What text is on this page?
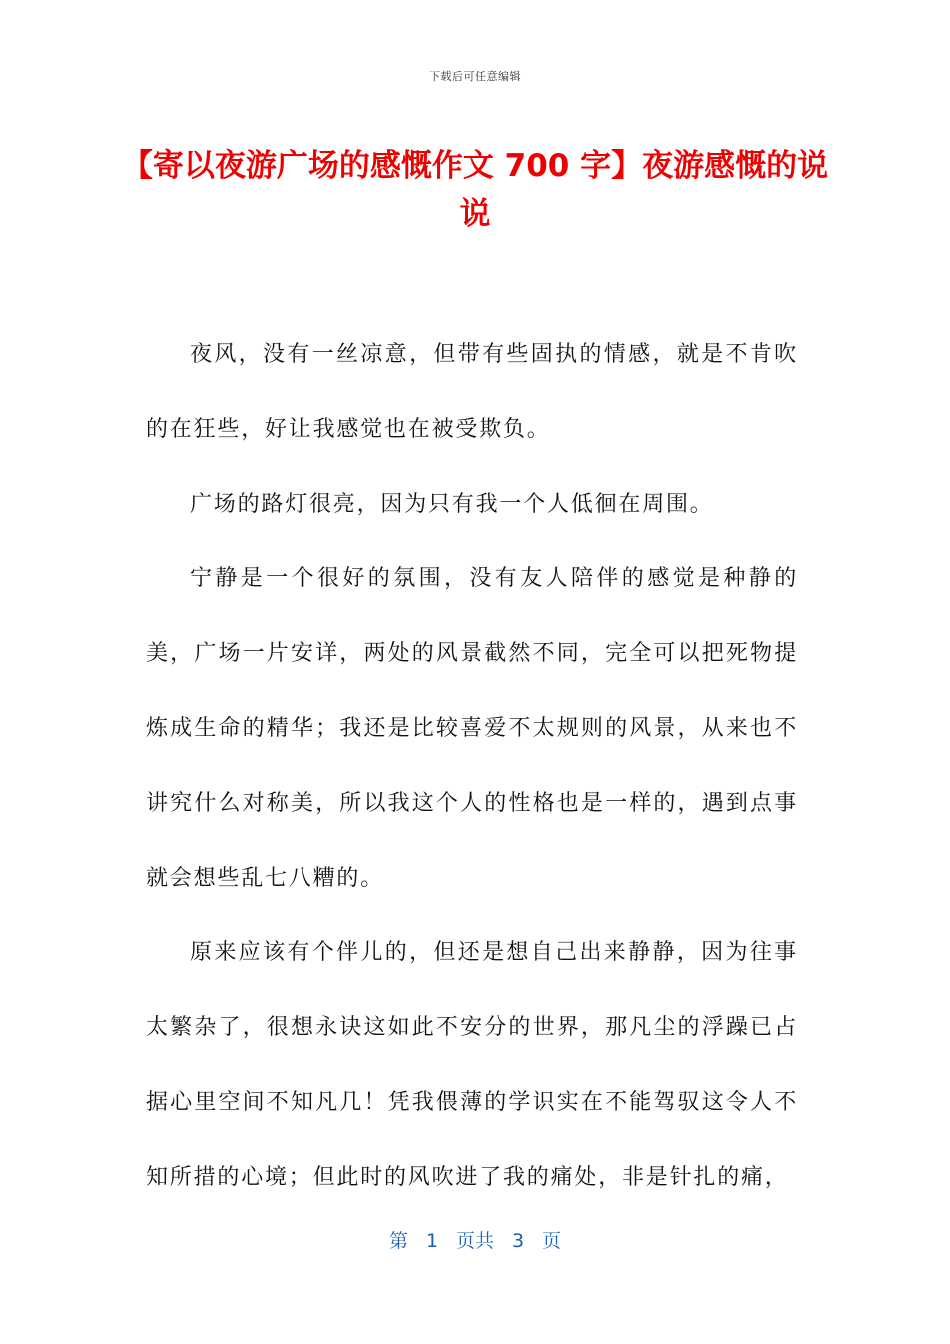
下载后可任意编辑
【寄以夜游广场的感慨作文 700 字】夜游感慨的说说

夜风，没有一丝凉意，但带有些固执的情感，就是不肯吹的在狂些，好让我感觉也在被受欺负。

广场的路灯很亮，因为只有我一个人低徊在周围。

宁静是一个很好的氛围，没有友人陪伴的感觉是种静的美，广场一片安详，两处的风景截然不同，完全可以把死物提炼成生命的精华；我还是比较喜爱不太规则的风景，从来也不讲究什么对称美，所以我这个人的性格也是一样的，遇到点事就会想些乱七八糟的。

原来应该有个伴儿的，但还是想自己出来静静，因为往事太繁杂了，很想永诀这如此不安分的世界，那凡尘的浮躁已占据心里空间不知凡几！凭我偎薄的学识实在不能驾驭这令人不知所措的心境；但此时的风吹进了我的痛处，非是针扎的痛，

第 1 页共 3 页
